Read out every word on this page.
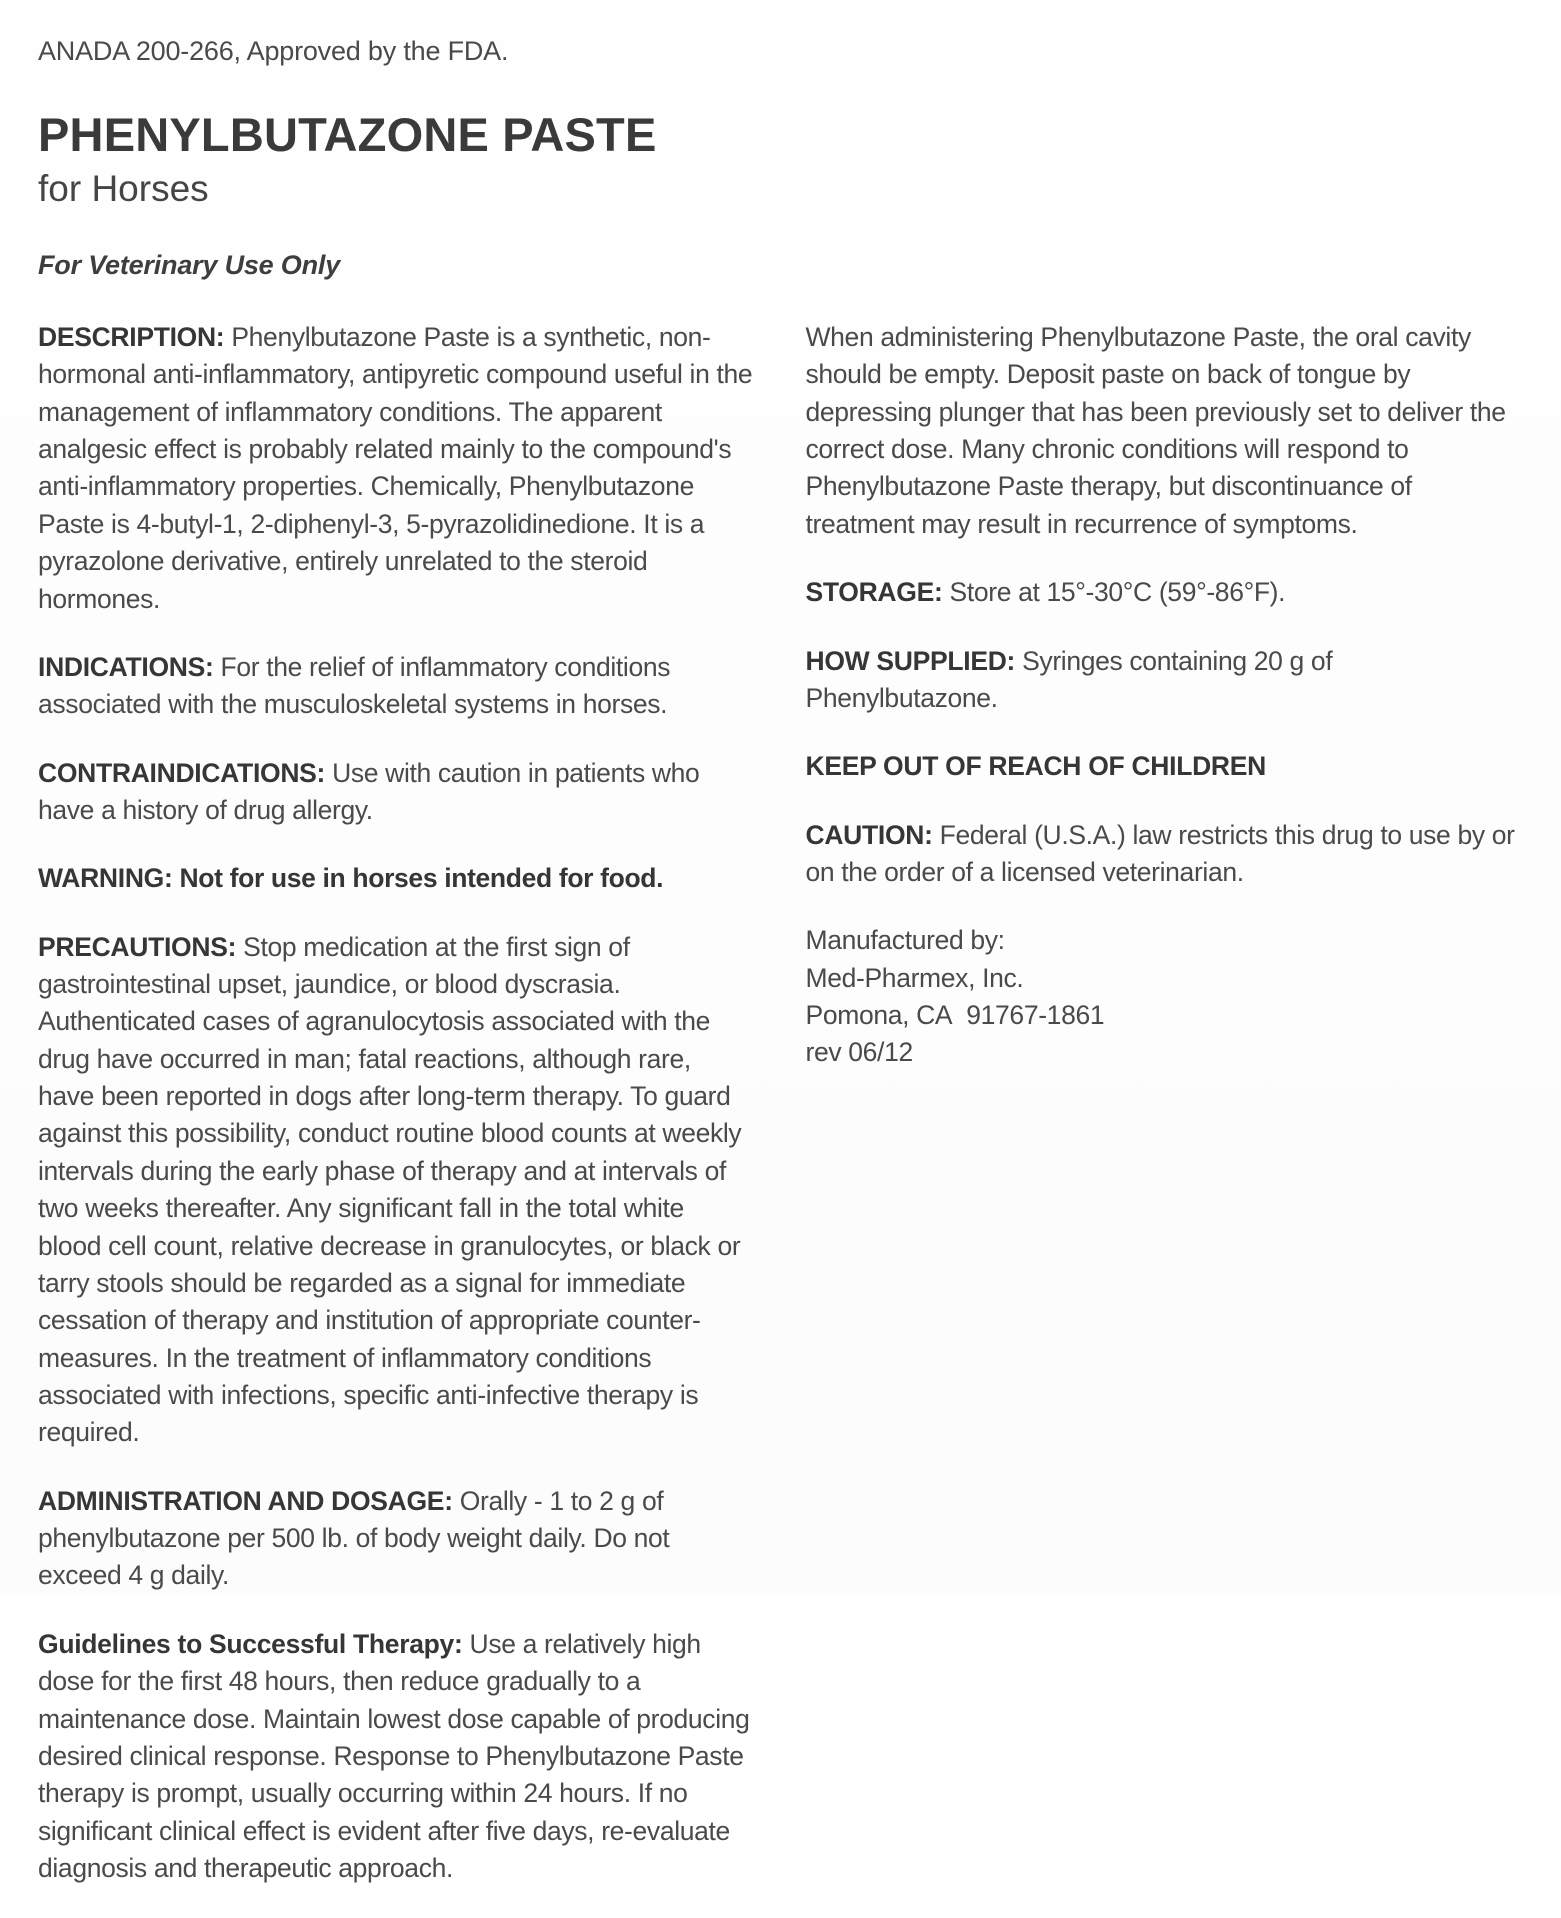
ANADA 200-266, Approved by the FDA.

PHENYLBUTAZONE PASTE
for Horses

For Veterinary Use Only

DESCRIPTION: Phenylbutazone Paste is a synthetic, non-hormonal anti-inflammatory, antipyretic compound useful in the management of inflammatory conditions. The apparent analgesic effect is probably related mainly to the compound's anti-inflammatory properties. Chemically, Phenylbutazone Paste is 4-butyl-1, 2-diphenyl-3, 5-pyrazolidinedione. It is a pyrazolone derivative, entirely unrelated to the steroid hormones.

INDICATIONS: For the relief of inflammatory conditions associated with the musculoskeletal systems in horses.

CONTRAINDICATIONS: Use with caution in patients who have a history of drug allergy.

WARNING: Not for use in horses intended for food.

PRECAUTIONS: Stop medication at the first sign of gastrointestinal upset, jaundice, or blood dyscrasia. Authenticated cases of agranulocytosis associated with the drug have occurred in man; fatal reactions, although rare, have been reported in dogs after long-term therapy. To guard against this possibility, conduct routine blood counts at weekly intervals during the early phase of therapy and at intervals of two weeks thereafter. Any significant fall in the total white blood cell count, relative decrease in granulocytes, or black or tarry stools should be regarded as a signal for immediate cessation of therapy and institution of appropriate counter-measures. In the treatment of inflammatory conditions associated with infections, specific anti-infective therapy is required.

ADMINISTRATION AND DOSAGE: Orally - 1 to 2 g of phenylbutazone per 500 lb. of body weight daily. Do not exceed 4 g daily.

Guidelines to Successful Therapy: Use a relatively high dose for the first 48 hours, then reduce gradually to a maintenance dose. Maintain lowest dose capable of producing desired clinical response. Response to Phenylbutazone Paste therapy is prompt, usually occurring within 24 hours. If no significant clinical effect is evident after five days, re-evaluate diagnosis and therapeutic approach.

When administering Phenylbutazone Paste, the oral cavity should be empty. Deposit paste on back of tongue by depressing plunger that has been previously set to deliver the correct dose. Many chronic conditions will respond to Phenylbutazone Paste therapy, but discontinuance of treatment may result in recurrence of symptoms.

STORAGE: Store at 15°-30°C (59°-86°F).

HOW SUPPLIED: Syringes containing 20 g of Phenylbutazone.

KEEP OUT OF REACH OF CHILDREN

CAUTION: Federal (U.S.A.) law restricts this drug to use by or on the order of a licensed veterinarian.

Manufactured by:
Med-Pharmex, Inc.
Pomona, CA  91767-1861
rev 06/12
